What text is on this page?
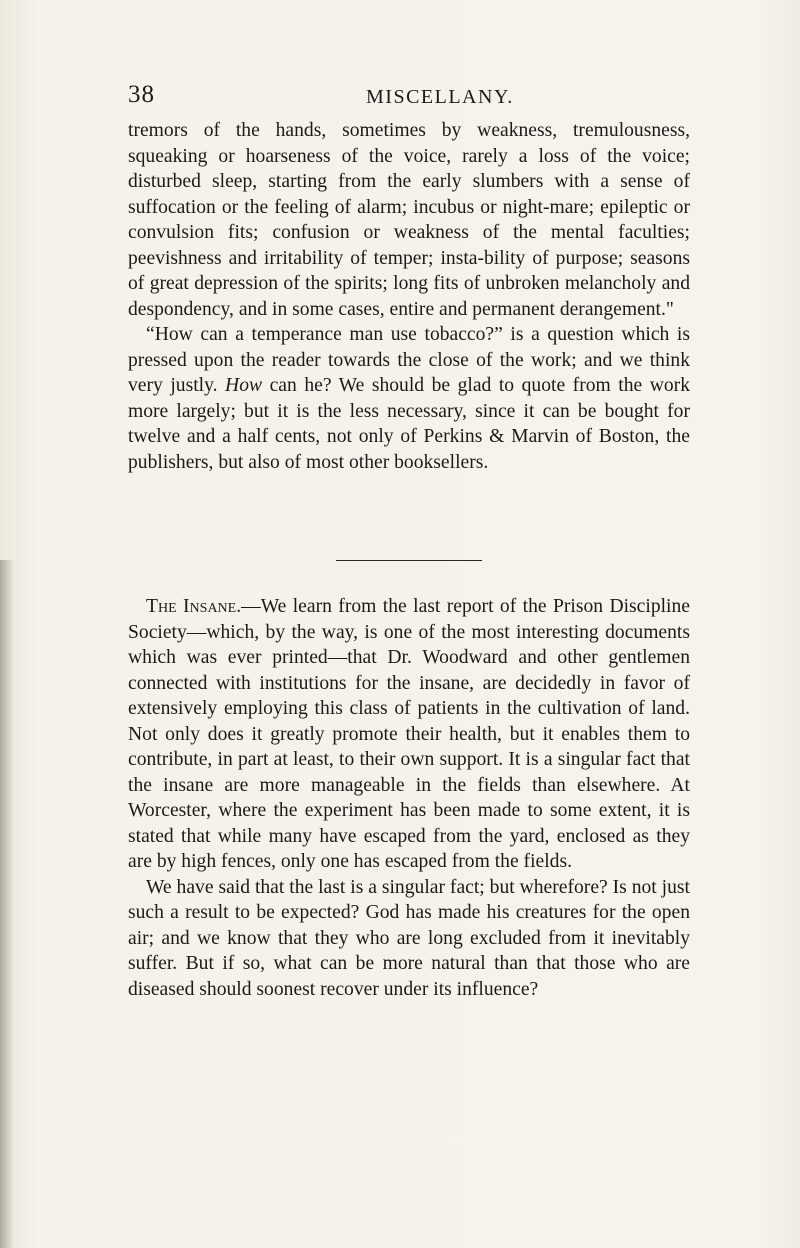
38	MISCELLANY.

tremors of the hands, sometimes by weakness, tremulousness, squeaking or hoarseness of the voice, rarely a loss of the voice; disturbed sleep, starting from the early slumbers with a sense of suffocation or the feeling of alarm; incubus or night-mare; epileptic or convulsion fits; confusion or weakness of the mental faculties; peevishness and irritability of temper; insta-bility of purpose; seasons of great depression of the spirits; long fits of unbroken melancholy and despondency, and in some cases, entire and permanent derangement."

“How can a temperance man use tobacco?” is a question which is pressed upon the reader towards the close of the work; and we think very justly. How can he? We should be glad to quote from the work more largely; but it is the less necessary, since it can be bought for twelve and a half cents, not only of Perkins & Marvin of Boston, the publishers, but also of most other booksellers.

The Insane.—We learn from the last report of the Prison Discipline Society—which, by the way, is one of the most interesting documents which was ever printed—that Dr. Woodward and other gentlemen connected with institutions for the insane, are decidedly in favor of extensively employing this class of patients in the cultivation of land. Not only does it greatly promote their health, but it enables them to contribute, in part at least, to their own support. It is a singular fact that the insane are more manageable in the fields than elsewhere. At Worcester, where the experiment has been made to some extent, it is stated that while many have escaped from the yard, enclosed as they are by high fences, only one has escaped from the fields.

We have said that the last is a singular fact; but wherefore? Is not just such a result to be expected? God has made his creatures for the open air; and we know that they who are long excluded from it inevitably suffer. But if so, what can be more natural than that those who are diseased should soonest recover under its influence?
